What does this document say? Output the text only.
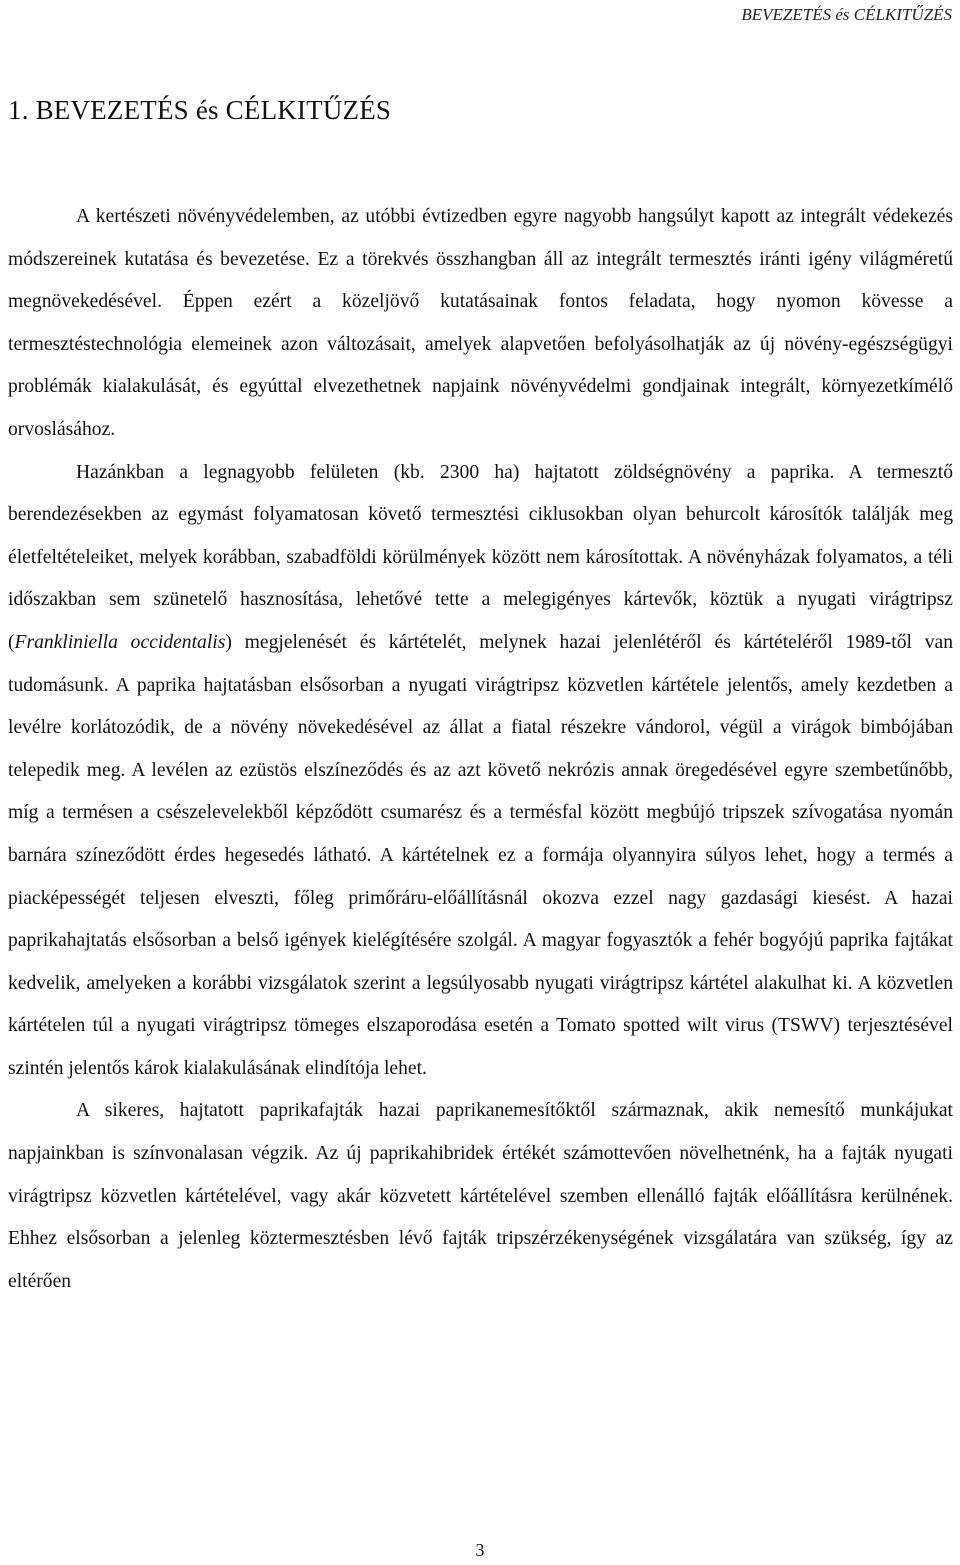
BEVEZETÉS és CÉLKITŰZÉS
1. BEVEZETÉS és CÉLKITŰZÉS

A kertészeti növényvédelemben, az utóbbi évtizedben egyre nagyobb hangsúlyt kapott az integrált védekezés módszereinek kutatása és bevezetése. Ez a törekvés összhangban áll az integrált termesztés iránti igény világméretű megnövekedésével. Éppen ezért a közeljövő kutatásainak fontos feladata, hogy nyomon kövesse a termesztéstechnológia elemeinek azon változásait, amelyek alapvetően befolyásolhatják az új növény-egészségügyi problémák kialakulását, és egyúttal elvezethetnek napjaink növényvédelmi gondjainak integrált, környezetkímélő orvoslásához.

Hazánkban a legnagyobb felületen (kb. 2300 ha) hajtatott zöldségnövény a paprika. A termesztő berendezésekben az egymást folyamatosan követő termesztési ciklusokban olyan behurcolt károsítók találják meg életfeltételeiket, melyek korábban, szabadföldi körülmények között nem károsítottak. A növényházak folyamatos, a téli időszakban sem szünetelő hasznosítása, lehetővé tette a melegigényes kártevők, köztük a nyugati virágtripsz (Frankliniella occidentalis) megjelenését és kártételét, melynek hazai jelenlétéről és kártételéről 1989-től van tudomásunk. A paprika hajtatásban elsősorban a nyugati virágtripsz közvetlen kártétele jelentős, amely kezdetben a levélre korlátozódik, de a növény növekedésével az állat a fiatal részekre vándorol, végül a virágok bimbójában telepedik meg. A levélen az ezüstös elszíneződés és az azt követő nekrózis annak öregedésével egyre szembetűnőbb, míg a termésen a csészelevelekből képződött csumarész és a termésfal között megbújó tripszek szívogatása nyomán barnára színeződött érdes hegesedés látható. A kártételnek ez a formája olyannyira súlyos lehet, hogy a termés a piacképességét teljesen elveszti, főleg primőráru-előállításnál okozva ezzel nagy gazdasági kiesést. A hazai paprikahajtatás elsősorban a belső igények kielégítésére szolgál. A magyar fogyasztók a fehér bogyójú paprika fajtákat kedvelik, amelyeken a korábbi vizsgálatok szerint a legsúlyosabb nyugati virágtripsz kártétel alakulhat ki. A közvetlen kártételen túl a nyugati virágtripsz tömeges elszaporodása esetén a Tomato spotted wilt virus (TSWV) terjesztésével szintén jelentős károk kialakulásának elindítója lehet.

A sikeres, hajtatott paprikafajták hazai paprikanemesítőktől származnak, akik nemesítő munkájukat napjainkban is színvonalasan végzik. Az új paprikahibridek értékét számottevően növelhetnénk, ha a fajták nyugati virágtripsz közvetlen kártételével, vagy akár közvetett kártételével szemben ellenálló fajták előállításra kerülnének. Ehhez elsősorban a jelenleg köztermesztésben lévő fajták tripszérzékenységének vizsgálatára van szükség, így az eltérően

3
